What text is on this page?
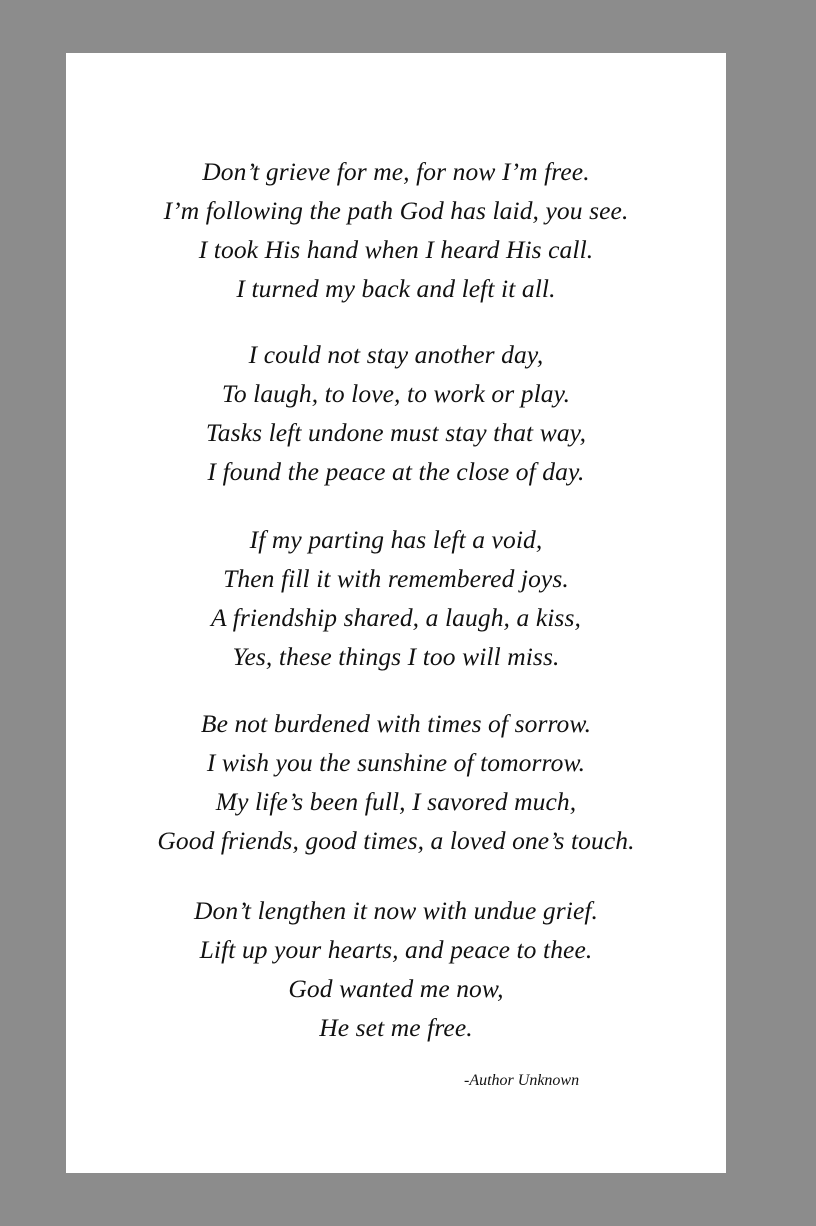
Don’t grieve for me, for now I’m free.
I’m following the path God has laid, you see.
I took His hand when I heard His call.
I turned my back and left it all.
I could not stay another day,
To laugh, to love, to work or play.
Tasks left undone must stay that way,
I found the peace at the close of day.
If my parting has left a void,
Then fill it with remembered joys.
A friendship shared, a laugh, a kiss,
Yes, these things I too will miss.
Be not burdened with times of sorrow.
I wish you the sunshine of tomorrow.
My life’s been full, I savored much,
Good friends, good times, a loved one’s touch.
Don’t lengthen it now with undue grief.
Lift up your hearts, and peace to thee.
God wanted me now,
He set me free.
-Author Unknown
